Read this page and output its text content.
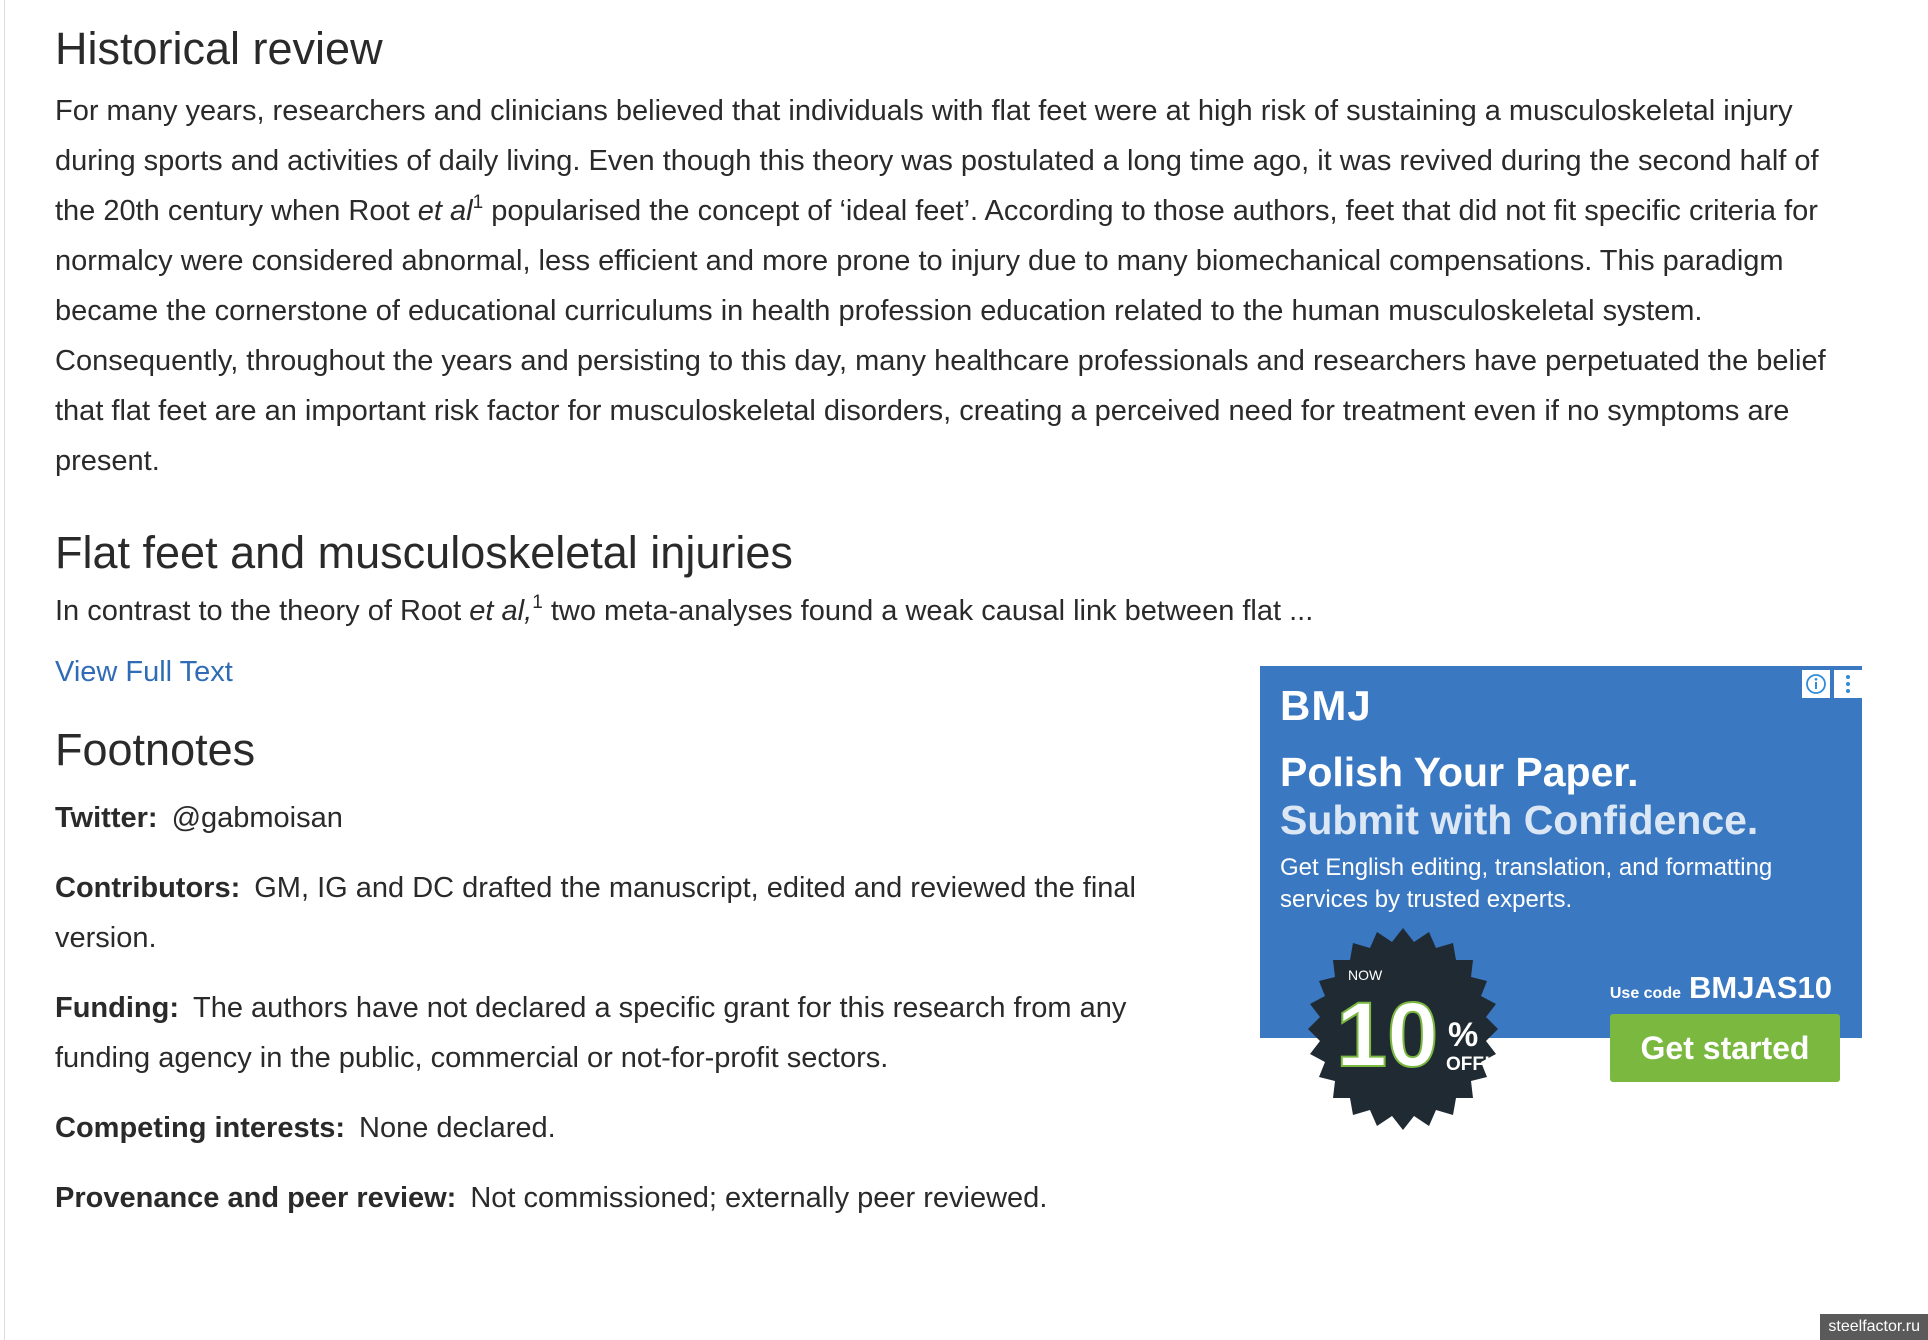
Historical review

For many years, researchers and clinicians believed that individuals with flat feet were at high risk of sustaining a musculoskeletal injury during sports and activities of daily living. Even though this theory was postulated a long time ago, it was revived during the second half of the 20th century when Root et $al^1$ popularised the concept of ‘ideal feet’. According to those authors, feet that did not fit specific criteria for normalcy were considered abnormal, less efficient and more prone to injury due to many biomechanical compensations. This paradigm became the cornerstone of educational curriculums in health profession education related to the human musculoskeletal system. Consequently, throughout the years and persisting to this day, many healthcare professionals and researchers have perpetuated the belief that flat feet are an important risk factor for musculoskeletal disorders, creating a perceived need for treatment even if no symptoms are present.

Flat feet and musculoskeletal injuries

In contrast to the theory of Root et al,$^1$ two meta-analyses found a weak causal link between flat ...

View Full Text
Footnotes

Twitter: @gabmoisan

Contributors: GM, IG and DC drafted the manuscript, edited and reviewed the final version.

Funding: The authors have not declared a specific grant for this research from any funding agency in the public, commercial or not-for-profit sectors.

Competing interests: None declared.

Provenance and peer review: Not commissioned; externally peer reviewed.

BMJ
Polish Your Paper.
Submit with Confidence.
Get English editing, translation, and formatting services by trusted experts.
NOW
10 %
OFF!
Use code BMJAS10
Get started
steelfactor.ru
